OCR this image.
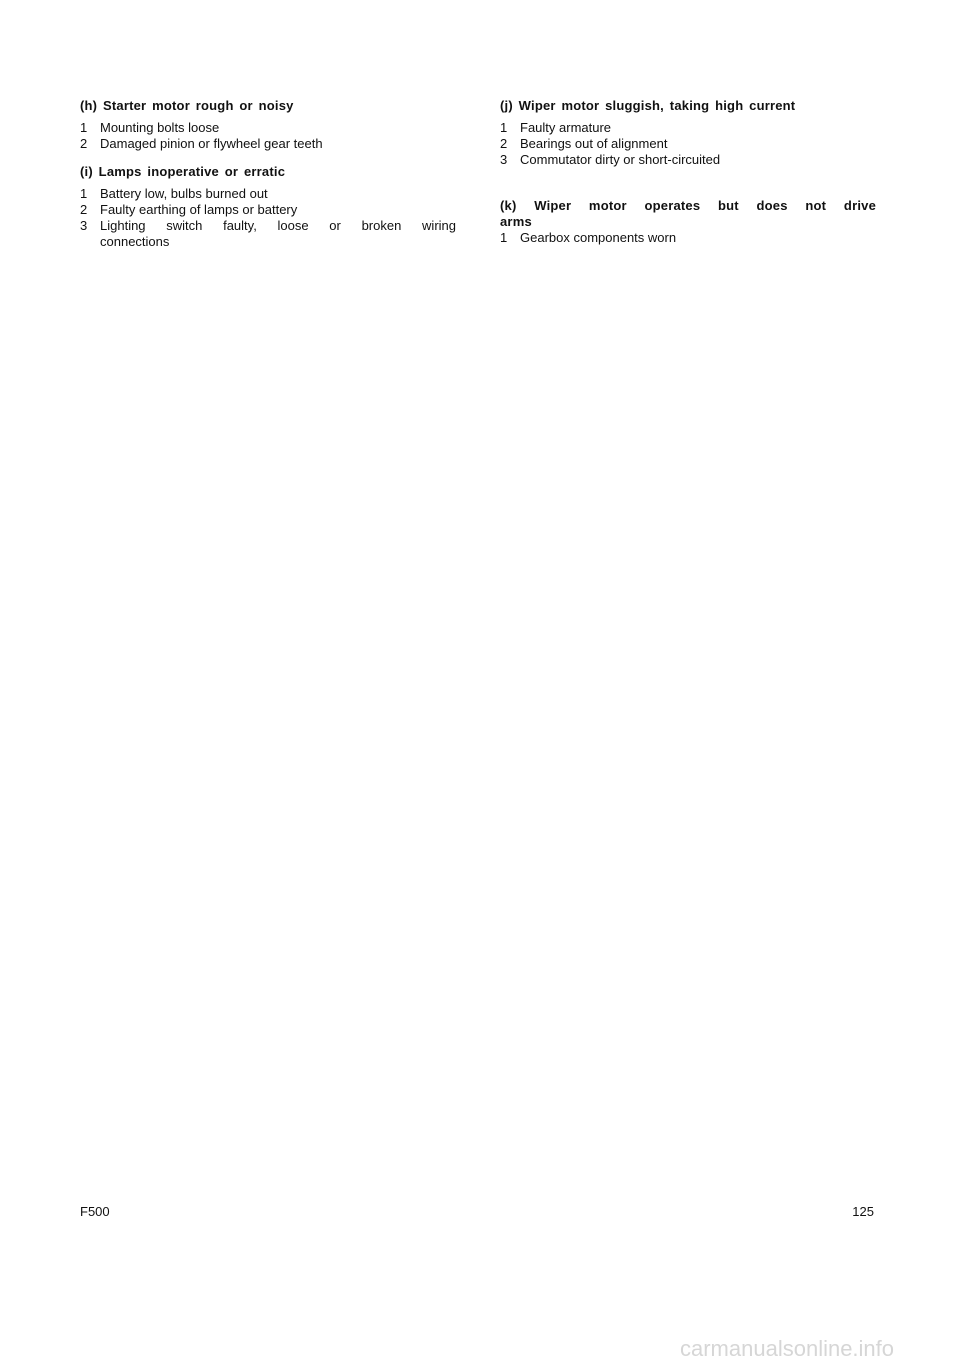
(h) Starter motor rough or noisy
1 Mounting bolts loose
2 Damaged pinion or flywheel gear teeth
(i) Lamps inoperative or erratic
1 Battery low, bulbs burned out
2 Faulty earthing of lamps or battery
3 Lighting switch faulty, loose or broken wiring
connections
(j) Wiper motor sluggish, taking high current
1 Faulty armature
2 Bearings out of alignment
3 Commutator dirty or short-circuited
(k) Wiper motor operates but does not drive
arms
1 Gearbox components worn
F500	125
carmanualsonline.info
